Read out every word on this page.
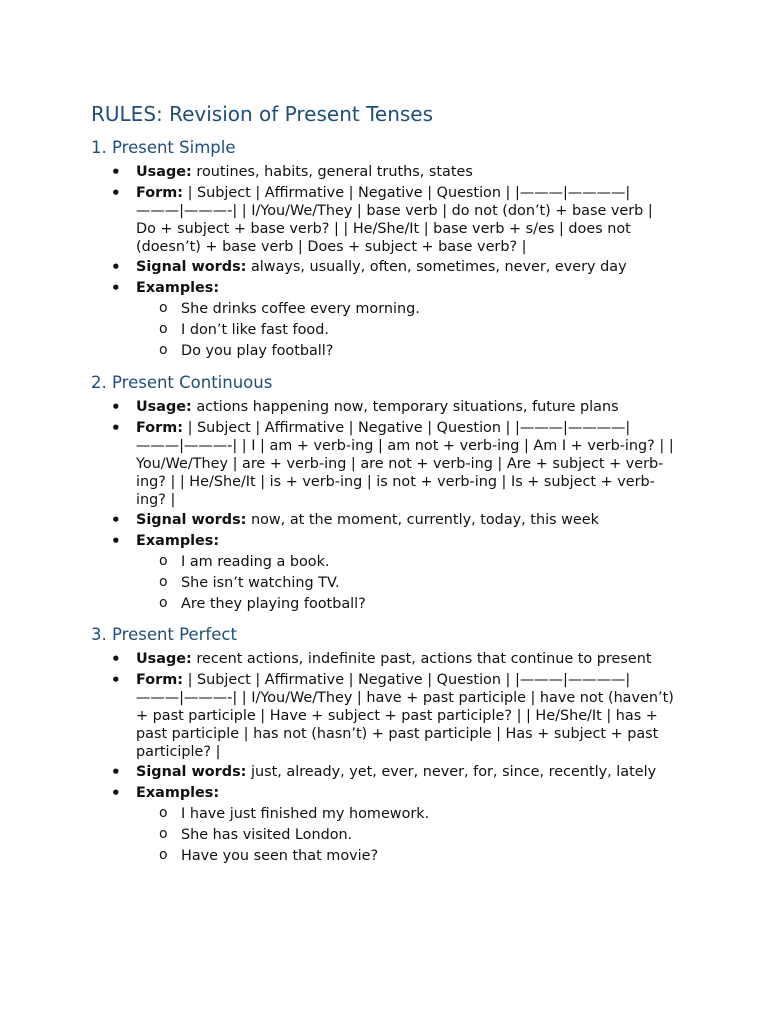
RULES: Revision of Present Tenses
1. Present Simple
• Usage: routines, habits, general truths, states
• Form: | Subject | Affirmative | Negative | Question | |———|————|———|———-| | I/You/We/They | base verb | do not (don’t) + base verb | Do + subject + base verb? | | He/She/It | base verb + s/es | does not (doesn’t) + base verb | Does + subject + base verb? |
• Signal words: always, usually, often, sometimes, never, every day
• Examples:
o She drinks coffee every morning.
o I don’t like fast food.
o Do you play football?
2. Present Continuous
• Usage: actions happening now, temporary situations, future plans
• Form: | Subject | Affirmative | Negative | Question | |———|————|———|———-| | I | am + verb-ing | am not + verb-ing | Am I + verb-ing? | | You/We/They | are + verb-ing | are not + verb-ing | Are + subject + verb-ing? | | He/She/It | is + verb-ing | is not + verb-ing | Is + subject + verb-ing? |
• Signal words: now, at the moment, currently, today, this week
• Examples:
o I am reading a book.
o She isn’t watching TV.
o Are they playing football?
3. Present Perfect
• Usage: recent actions, indefinite past, actions that continue to present
• Form: | Subject | Affirmative | Negative | Question | |———|————|———|———-| | I/You/We/They | have + past participle | have not (haven’t) + past participle | Have + subject + past participle? | | He/She/It | has + past participle | has not (hasn’t) + past participle | Has + subject + past participle? |
• Signal words: just, already, yet, ever, never, for, since, recently, lately
• Examples:
o I have just finished my homework.
o She has visited London.
o Have you seen that movie?
